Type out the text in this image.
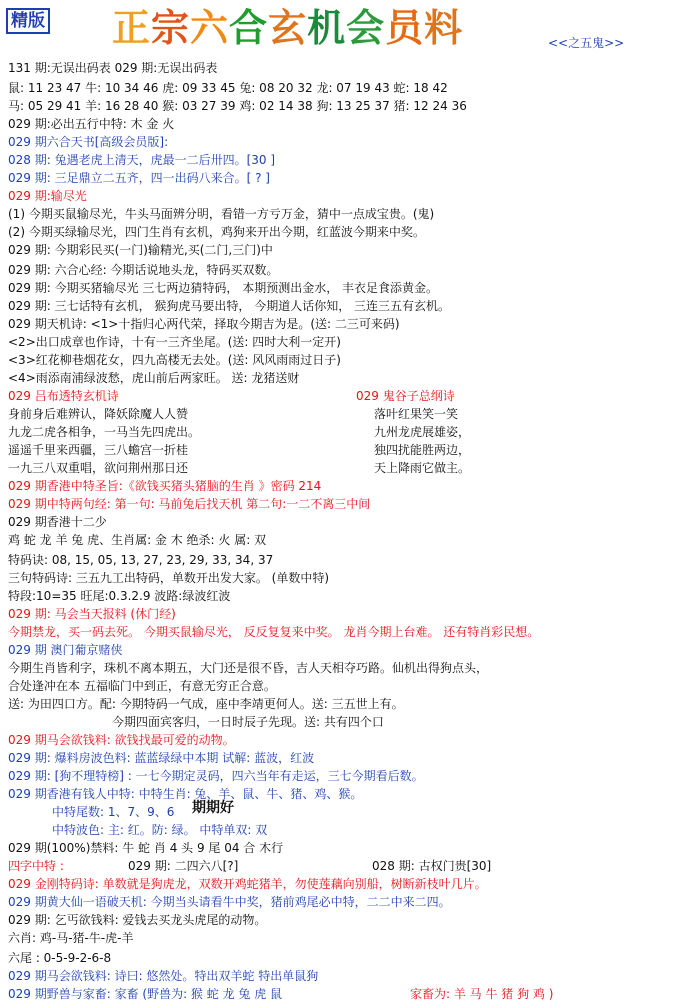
精版 正宗六合玄机会员料	<<之五鬼>>
131 期:无误出码表 029 期:无误出码表
鼠: 11 23 47 牛: 10 34 46 虎: 09 33 45 兔: 08 20 32 龙: 07 19 43 蛇: 18 42
马: 05 29 41 羊: 16 28 40 猴: 03 27 39 鸡: 02 14 38 狗: 13 25 37 猪: 12 24 36
029 期:必出五行中特: 木 金 火
029 期六合天书[高级会员版]:
028 期: 兔遇老虎上清天，虎最一二后卅四。[30 ]
029 期: 三足鼎立二五齐，四一出码八来合。[ ? ]
029 期:输尽光
(1) 今期买鼠输尽光，牛头马面辨分明，看错一方亏万金，猜中一点成宝贵。(鬼)
(2) 今期买绿输尽光，四门生肖有玄机，鸡狗来开出今期，红蓝波今期来中奖。
029 期: 今期彩民买(一门)输精光,买(二门,三门)中
029 期: 六合心经: 今期话说地头龙，特码买双数。
029 期: 今期买猪输尽光 三七两边猜特码， 本期预测出金水， 丰衣足食添黄金。
029 期: 三七话特有玄机， 猴狗虎马要出特， 今期道人话你知， 三连三五有玄机。
029 期天机诗: <1>十指归心两代荣，择取今期吉为是。(送: 二三可来码)
<2>出口成章也作诗，十有一三齐坐尾。(送: 四时大利一定开)
<3>红花柳巷烟花女，四九高楼无去处。(送: 风风雨雨过日子)
<4>雨添南浦绿波愁，虎山前后两家旺。 送: 龙猪送财
029 吕布透特玄机诗	029 鬼谷子总纲诗
身前身后难辨认，降妖除魔人人赞	落叶红果笑一笑
九龙二虎各相争，一马当先四虎出。	九州龙虎展雄姿，
遥遥千里来西疆，三八蟾宫一折桂	独四扰能胜两边，
一九三八双重唱，欲问荆州那日还	天上降雨它做主。
029 期香港中特圣旨:《欲钱买猪头猪脑的生肖 》密码 214
029 期中特两句经: 第一句: 马前兔后找天机 第二句:一二不离三中间
029 期香港十二少
鸡 蛇 龙 羊 兔 虎、生肖属: 金 木 绝杀: 火 属: 双
特码诀: 08, 15, 05, 13, 27, 23, 29, 33, 34, 37
三句特码诗: 三五九工出特码，单数开出发大家。 (单数中特)
特段:10=35 旺尾:0.3.2.9 波路:绿波红波
029 期: 马会当天报料 (休门经)
今期禁龙，买一码去死。 今期买鼠输尽光， 反反复复来中奖。 龙肖今期上台难。 还有特肖彩民想。
029 期 澳门葡京赌侠
今期生肖皆利字，珠机不离本期五，大门还是很不昏，吉人天相夺巧路。仙机出得狗点头，
合处逢冲在本 五福临门中到正，有意无穷正合意。
送: 为田四口方。配: 今期特码一气成，座中李靖更何人。送: 三五世上有。
今期四面宾客归，一日时辰子先现。送: 共有四个口
029 期马会欲钱料: 欲钱找最可爱的动物。
029 期: 爆料房波色料: 蓝蓝绿绿中本期 试解: 蓝波，红波
029 期: [狗不理特榜] : 一七今期定灵码，四六当年有走运，三七今期看后数。
029 期香港有钱人中特: 中特生肖: 兔、羊、鼠、牛、猪、鸡、猴。
中特尾数: 1、7、9、6 期期好
中特波色: 主: 红。防: 绿。 中特单双: 双
029 期(100%)禁料: 牛 蛇 肖 4 头 9 尾 04 合 木行
四字中特 :	029 期: 二四六八[?]	028 期: 古权门贵[30]
029 金刚特码诗: 单数就是狗虎龙，双数开鸡蛇猪羊，勿使莲藕向别船，树断新枝叶几片。
029 期黄大仙一语破天机: 今期当头请看牛中奖，猪前鸡尾必中特，二二中来二四。
029 期: 乞丐欲钱料: 爱钱去买龙头虎尾的动物。
六肖: 鸡-马-猪-牛-虎-羊
六尾 : 0-5-9-2-6-8
029 期马会欲钱料: 诗曰: 悠然处。特出双羊蛇 特出单鼠狗
029 期野兽与家畜: 家畜 (野兽为: 猴 蛇 龙 兔 虎 鼠	家畜为: 羊 马 牛 猪 狗 鸡 )
